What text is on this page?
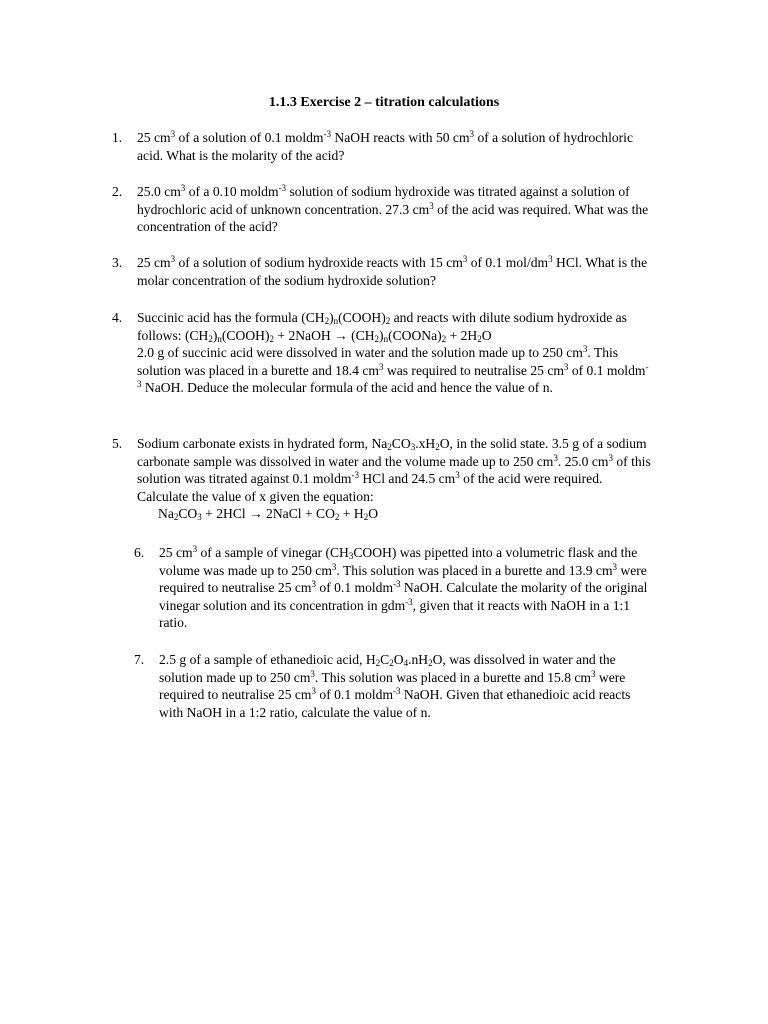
1.1.3 Exercise 2 – titration calculations
1.	25 $cm^3$ of a solution of 0.1 moldm$^{-3}$ NaOH reacts with 50 $cm^3$ of a solution of hydrochloric acid. What is the molarity of the acid?
2.	25.0 $cm^3$ of a 0.10 moldm$^{-3}$ solution of sodium hydroxide was titrated against a solution of hydrochloric acid of unknown concentration. 27.3 $cm^3$ of the acid was required. What was the concentration of the acid?
3.	25 $cm^3$ of a solution of sodium hydroxide reacts with 15 $cm^3$ of 0.1 mol/$dm^3$ HCl. What is the molar concentration of the sodium hydroxide solution?
4.	Succinic acid has the formula $(CH_2)_n(COOH)_2$ and reacts with dilute sodium hydroxide as follows: $(CH_2)_n(COOH)_2$ + 2NaOH → $(CH_2)_n(COONa)_2 + 2H_2O$
2.0 g of succinic acid were dissolved in water and the solution made up to 250 $cm^3$. This solution was placed in a burette and 18.4 $cm^3$ was required to neutralise 25 $cm^3$ of 0.1 moldm$^{-3}$ NaOH. Deduce the molecular formula of the acid and hence the value of n.
5.	Sodium carbonate exists in hydrated form, $Na_2CO_3.xH_2O$, in the solid state. 3.5 g of a sodium carbonate sample was dissolved in water and the volume made up to 250 $cm^3$. 25.0 $cm^3$ of this solution was titrated against 0.1 moldm$^{-3}$ HCl and 24.5 $cm^3$ of the acid were required. Calculate the value of x given the equation:
$Na_2CO_3 + 2HCl$ → 2NaCl + $CO_2 + H_2O$
6.	25 $cm^3$ of a sample of vinegar $(CH_3COOH)$ was pipetted into a volumetric flask and the volume was made up to 250 $cm^3$. This solution was placed in a burette and 13.9 $cm^3$ were required to neutralise 25 $cm^3$ of 0.1 moldm$^{-3}$ NaOH. Calculate the molarity of the original vinegar solution and its concentration in gdm$^{-3}$, given that it reacts with NaOH in a 1:1 ratio.
7.	2.5 g of a sample of ethanedioic acid, $H_2C_2O_4.nH_2O$, was dissolved in water and the solution made up to 250 $cm^3$. This solution was placed in a burette and 15.8 $cm^3$ were required to neutralise 25 $cm^3$ of 0.1 moldm$^{-3}$ NaOH. Given that ethanedioic acid reacts with NaOH in a 1:2 ratio, calculate the value of n.
